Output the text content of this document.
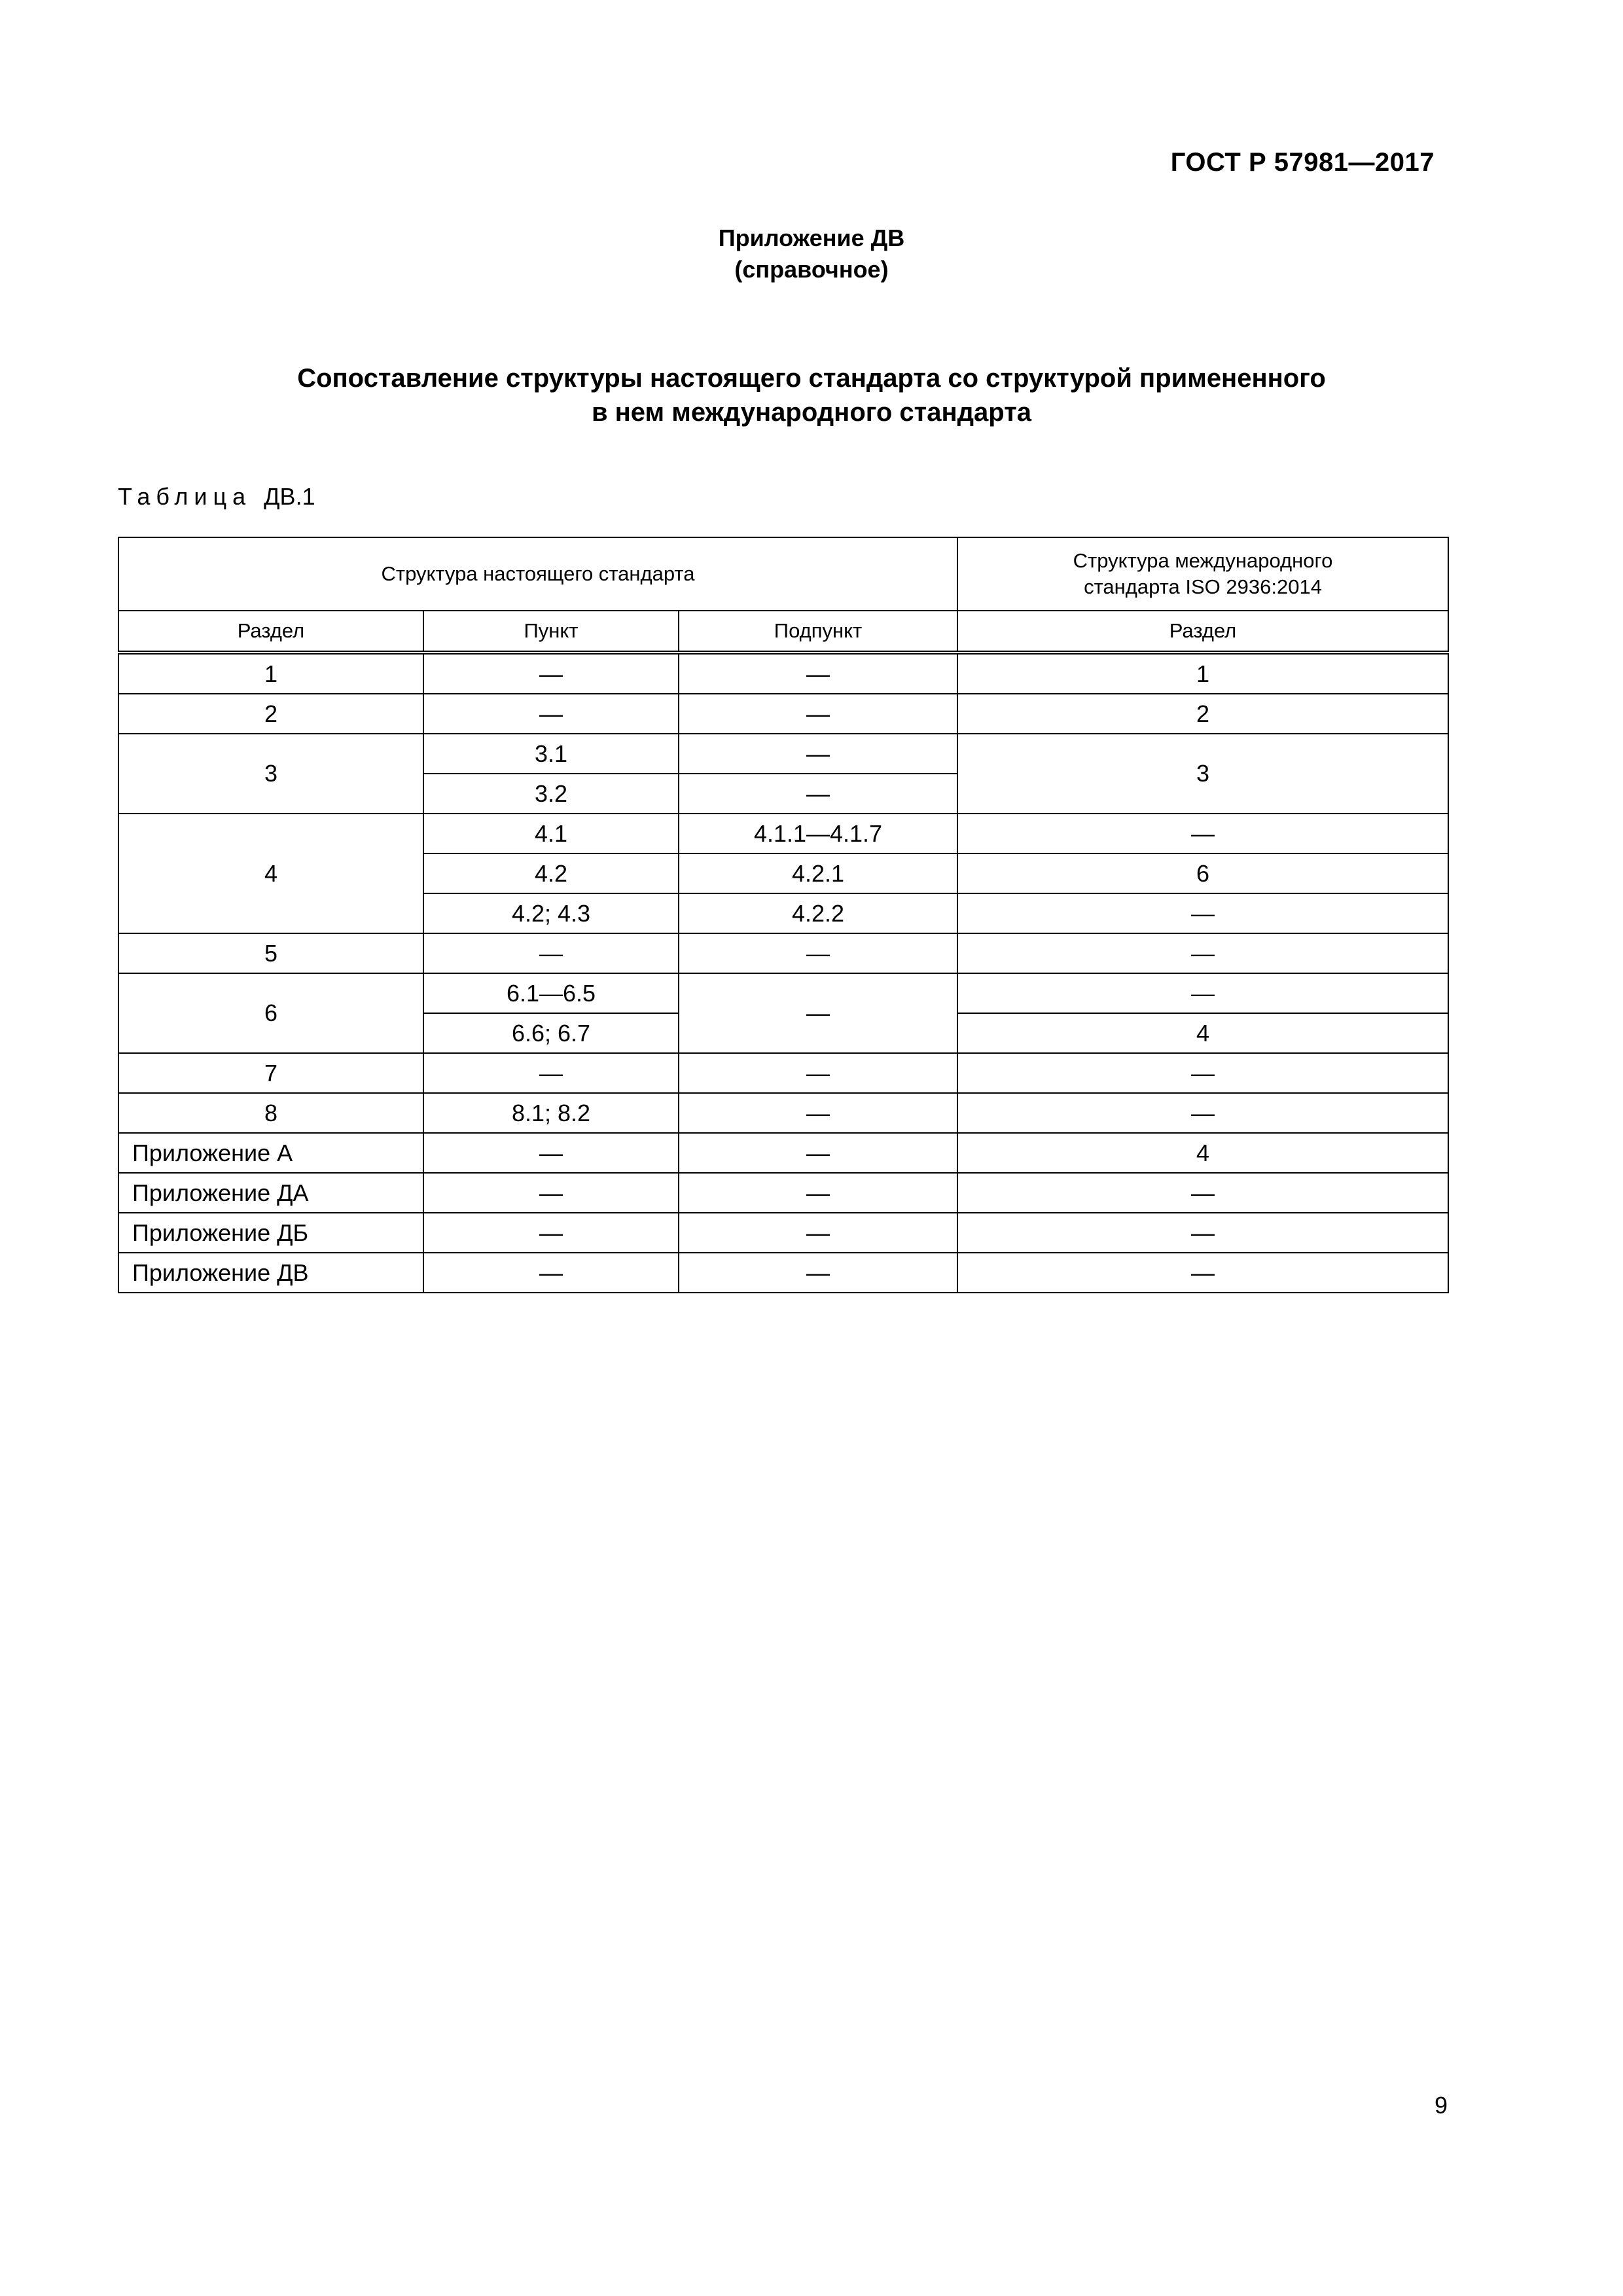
ГОСТ Р 57981—2017
Приложение ДВ
(справочное)
Сопоставление структуры настоящего стандарта со структурой примененного
в нем международного стандарта
Таблица ДВ.1
Структура настоящего стандарта			Структура международного
стандарта ISO 2936:2014
Раздел	Пункт	Подпункт	Раздел
1	—	—	1
2	—	—	2
3	3.1	—	3
	3.2	—	
4	4.1	4.1.1—4.1.7	—
	4.2	4.2.1	6
	4.2; 4.3	4.2.2	—
5	—	—	—
6	6.1—6.5	—	—
	6.6; 6.7		4
7	—	—	—
8	8.1; 8.2	—	—
Приложение А	—	—	4
Приложение ДА	—	—	—
Приложение ДБ	—	—	—
Приложение ДВ	—	—	—
9
